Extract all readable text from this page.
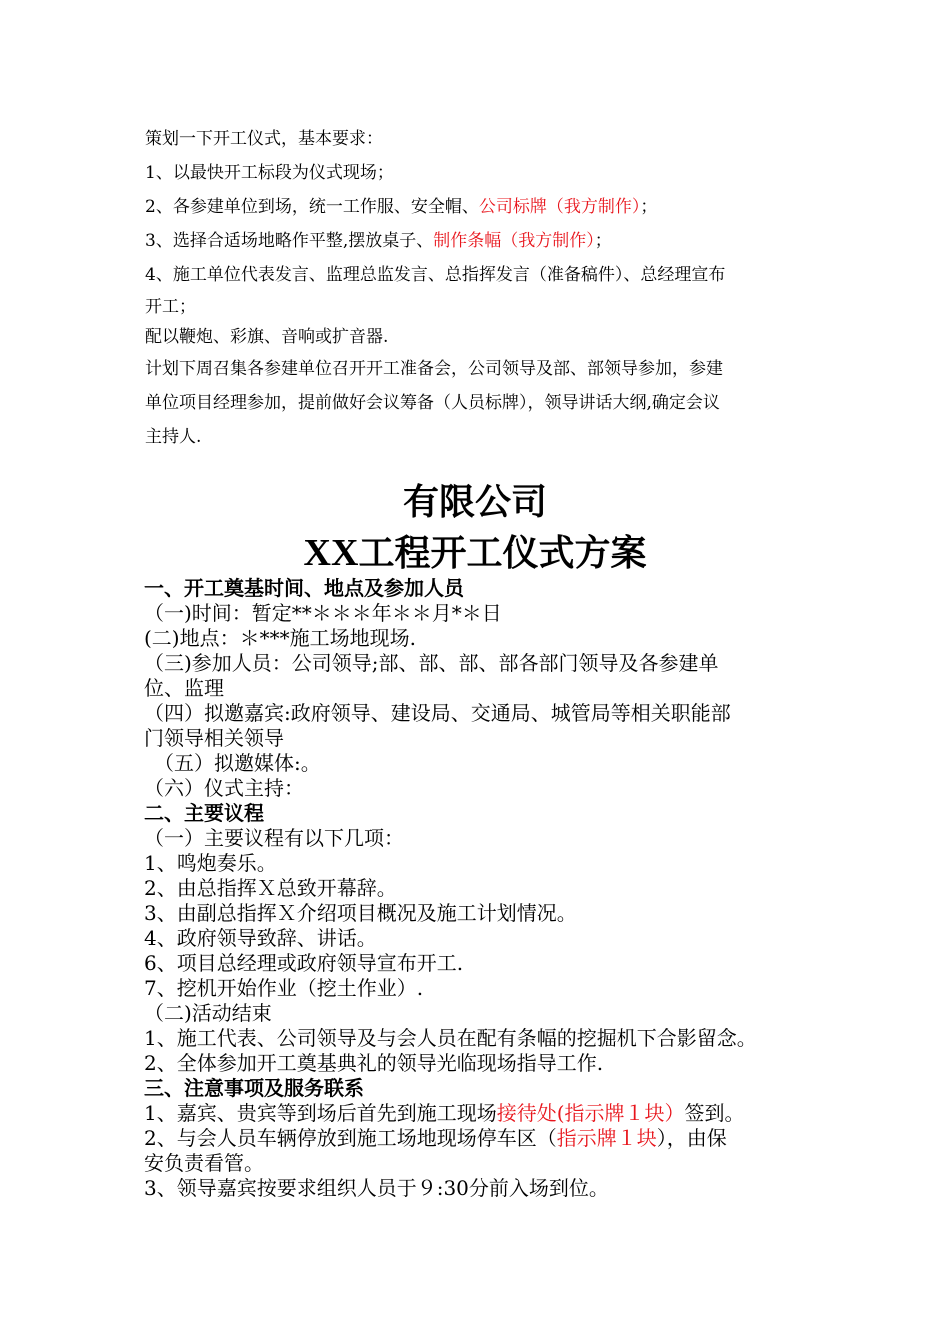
策划一下开工仪式，基本要求：

1、以最快开工标段为仪式现场；

2、各参建单位到场，统一工作服、安全帽、公司标牌（我方制作）；

3、选择合适场地略作平整,摆放桌子、制作条幅（我方制作）；

4、施工单位代表发言、监理总监发言、总指挥发言（准备稿件）、总经理宣布

开工；

配以鞭炮、彩旗、音响或扩音器.

计划下周召集各参建单位召开开工准备会，公司领导及部、部领导参加，参建

单位项目经理参加，提前做好会议筹备（人员标牌），领导讲话大纲,确定会议

主持人.

有限公司
XX工程开工仪式方案

一、开工奠基时间、地点及参加人员

（一)时间：暂定**＊＊＊年＊＊月*＊日

(二)地点：＊***施工场地现场.

（三)参加人员：公司领导;部、部、部、部各部门领导及各参建单

位、监理

（四）拟邀嘉宾:政府领导、建设局、交通局、城管局等相关职能部

门领导相关领导

（五）拟邀媒体:。

（六）仪式主持：

二、主要议程

（一）主要议程有以下几项：

1、鸣炮奏乐。

2、由总指挥Ｘ总致开幕辞。

3、由副总指挥Ｘ介绍项目概况及施工计划情况。

4、政府领导致辞、讲话。

6、项目总经理或政府领导宣布开工.

7、挖机开始作业（挖土作业）.

（二)活动结束

1、施工代表、公司领导及与会人员在配有条幅的挖掘机下合影留念。

2、全体参加开工奠基典礼的领导光临现场指导工作.

三、注意事项及服务联系

1、嘉宾、贵宾等到场后首先到施工现场接待处(指示牌１块）签到。

2、与会人员车辆停放到施工场地现场停车区（指示牌１块），由保

安负责看管。

3、领导嘉宾按要求组织人员于９:30分前入场到位。
